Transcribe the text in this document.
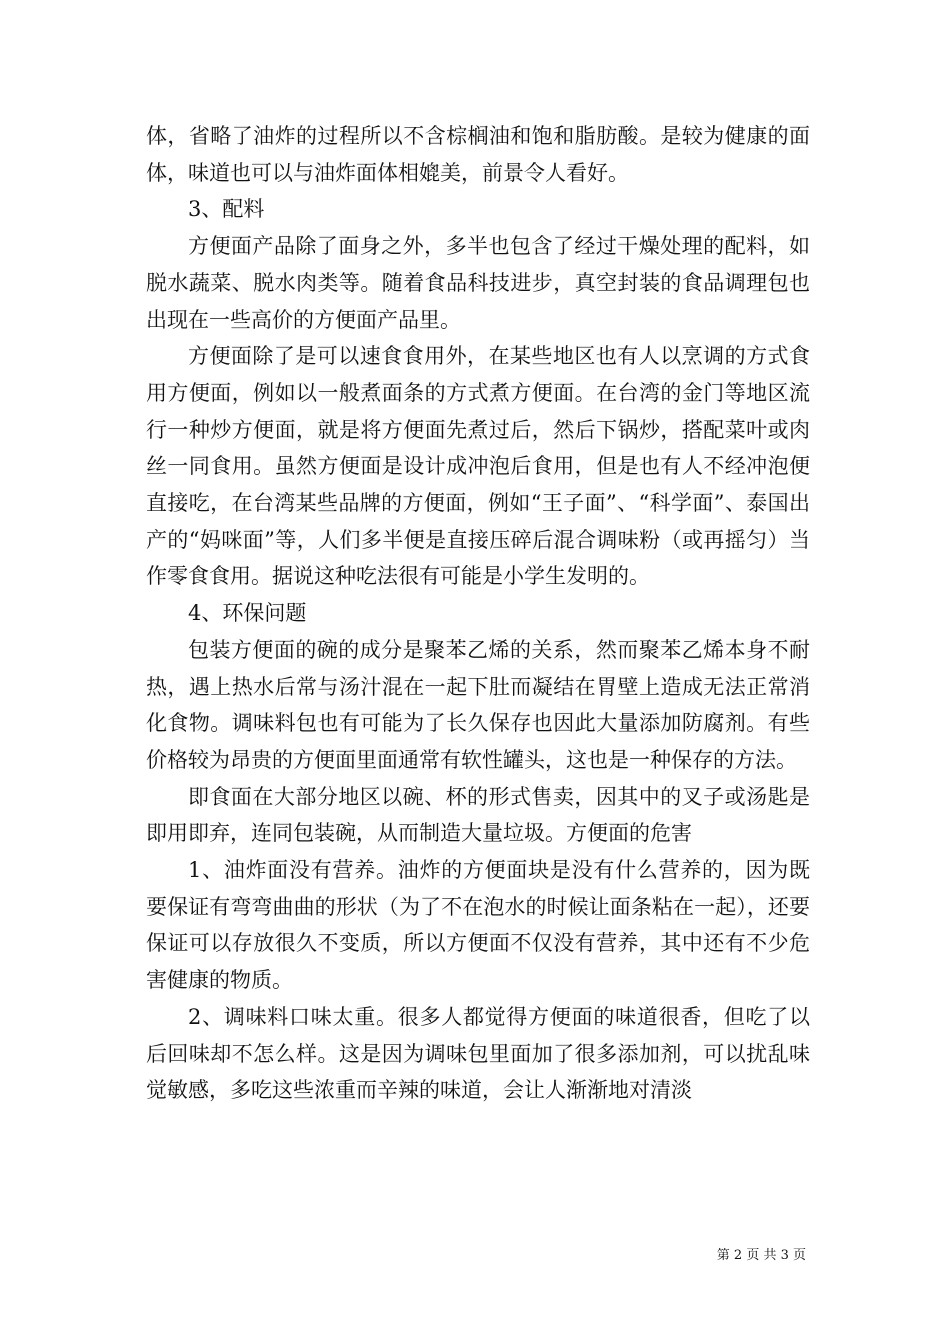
体，省略了油炸的过程所以不含棕榈油和饱和脂肪酸。是较为健康的面体，味道也可以与油炸面体相媲美，前景令人看好。

3、配料

方便面产品除了面身之外，多半也包含了经过干燥处理的配料，如脱水蔬菜、脱水肉类等。随着食品科技进步，真空封装的食品调理包也出现在一些高价的方便面产品里。

方便面除了是可以速食食用外，在某些地区也有人以烹调的方式食用方便面，例如以一般煮面条的方式煮方便面。在台湾的金门等地区流行一种炒方便面，就是将方便面先煮过后，然后下锅炒，搭配菜叶或肉丝一同食用。虽然方便面是设计成冲泡后食用，但是也有人不经冲泡便直接吃，在台湾某些品牌的方便面，例如“王子面”、“科学面”、泰国出产的“妈咪面”等，人们多半便是直接压碎后混合调味粉（或再摇匀）当作零食食用。据说这种吃法很有可能是小学生发明的。

4、环保问题

包装方便面的碗的成分是聚苯乙烯的关系，然而聚苯乙烯本身不耐热，遇上热水后常与汤汁混在一起下肚而凝结在胃壁上造成无法正常消化食物。调味料包也有可能为了长久保存也因此大量添加防腐剂。有些价格较为昂贵的方便面里面通常有软性罐头，这也是一种保存的方法。

即食面在大部分地区以碗、杯的形式售卖，因其中的叉子或汤匙是即用即弃，连同包装碗，从而制造大量垃圾。方便面的危害

1、油炸面没有营养。油炸的方便面块是没有什么营养的，因为既要保证有弯弯曲曲的形状（为了不在泡水的时候让面条粘在一起），还要保证可以存放很久不变质，所以方便面不仅没有营养，其中还有不少危害健康的物质。

2、调味料口味太重。很多人都觉得方便面的味道很香，但吃了以后回味却不怎么样。这是因为调味包里面加了很多添加剂，可以扰乱味觉敏感，多吃这些浓重而辛辣的味道，会让人渐渐地对清淡

第 2 页 共 3 页
